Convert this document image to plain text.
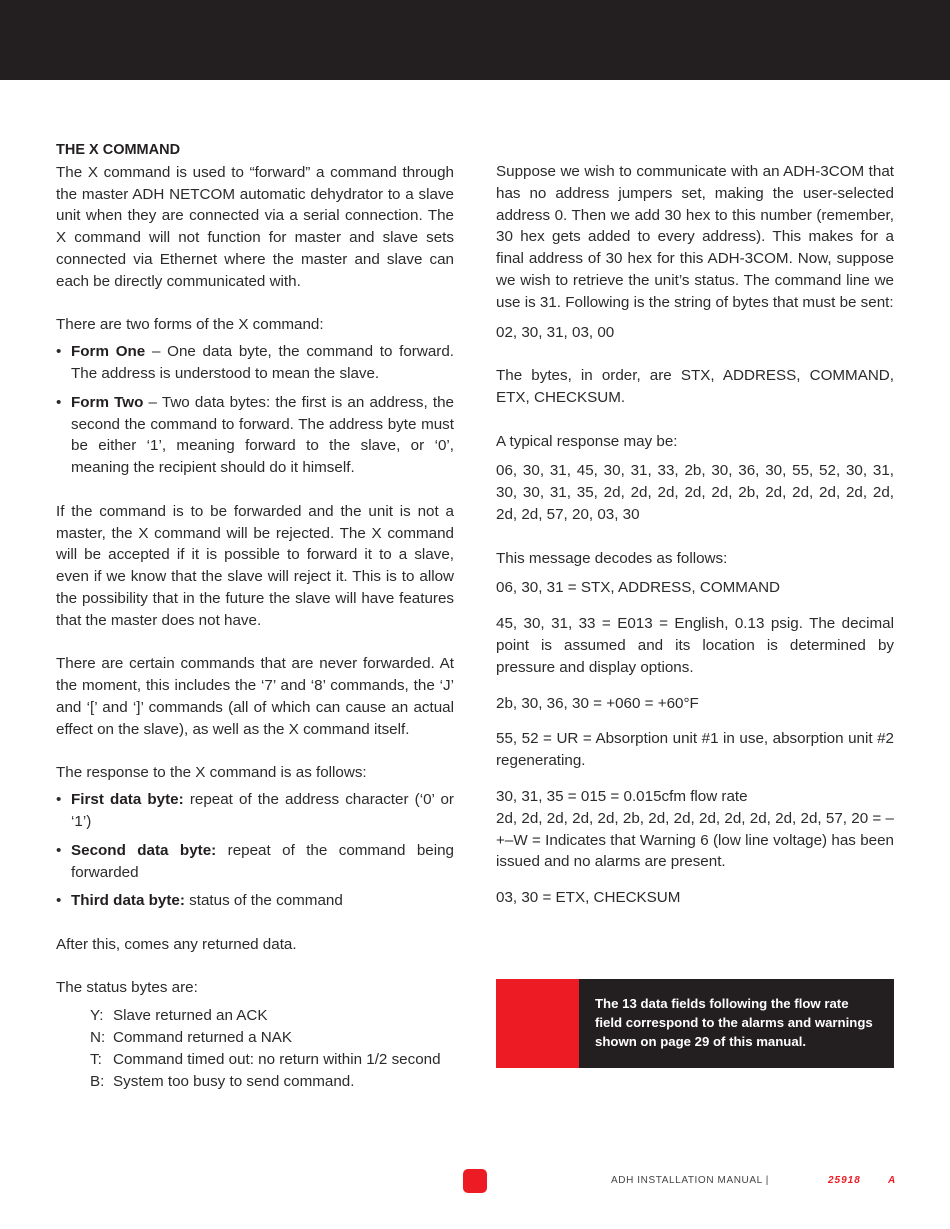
THE X COMMAND

The X command is used to “forward” a command through the master ADH NETCOM automatic dehydrator to a slave unit when they are connected via a serial connection. The X command will not function for master and slave sets connected via Ethernet where the master and slave can each be directly communicated with.

There are two forms of the X command:

• Form One – One data byte, the command to forward. The address is understood to mean the slave.
• Form Two – Two data bytes: the first is an address, the second the command to forward. The address byte must be either ‘1’, meaning forward to the slave, or ‘0’, meaning the recipient should do it himself.

If the command is to be forwarded and the unit is not a master, the X command will be rejected. The X command will be accepted if it is possible to forward it to a slave, even if we know that the slave will reject it. This is to allow the possibility that in the future the slave will have features that the master does not have.

There are certain commands that are never forwarded. At the moment, this includes the ‘7’ and ‘8’ commands, the ‘J’ and ‘[’ and ‘]’ commands (all of which can cause an actual effect on the slave), as well as the X command itself.

The response to the X command is as follows:

• First data byte: repeat of the address character (‘0’ or ‘1’)
• Second data byte: repeat of the command being forwarded
• Third data byte: status of the command

After this, comes any returned data.

The status bytes are:

Y: Slave returned an ACK
N: Command returned a NAK
T: Command timed out: no return within 1/2 second
B: System too busy to send command.

Suppose we wish to communicate with an ADH-3COM that has no address jumpers set, making the user-selected address 0. Then we add 30 hex to this number (remember, 30 hex gets added to every address). This makes for a final address of 30 hex for this ADH-3COM. Now, suppose we wish to retrieve the unit’s status. The command line we use is 31. Following is the string of bytes that must be sent:

02, 30, 31, 03, 00

The bytes, in order, are STX, ADDRESS, COMMAND, ETX, CHECKSUM.

A typical response may be:

06, 30, 31, 45, 30, 31, 33, 2b, 30, 36, 30, 55, 52, 30, 31, 30, 30, 31, 35, 2d, 2d, 2d, 2d, 2d, 2b, 2d, 2d, 2d, 2d, 2d, 2d, 2d, 57, 20, 03, 30

This message decodes as follows:

06, 30, 31 = STX, ADDRESS, COMMAND

45, 30, 31, 33 = E013 = English, 0.13 psig. The decimal point is assumed and its location is determined by pressure and display options.

2b, 30, 36, 30 = +060 = +60°F

55, 52 = UR = Absorption unit #1 in use, absorption unit #2 regenerating.

30, 31, 35 = 015 = 0.015cfm flow rate

2d, 2d, 2d, 2d, 2d, 2b, 2d, 2d, 2d, 2d, 2d, 2d, 2d, 57, 20 = –+–W = Indicates that Warning 6 (low line voltage) has been issued and no alarms are present.

03, 30 = ETX, CHECKSUM

The 13 data fields following the flow rate field correspond to the alarms and warnings shown on page 29 of this manual.
ADH INSTALLATION MANUAL |	25918	A
